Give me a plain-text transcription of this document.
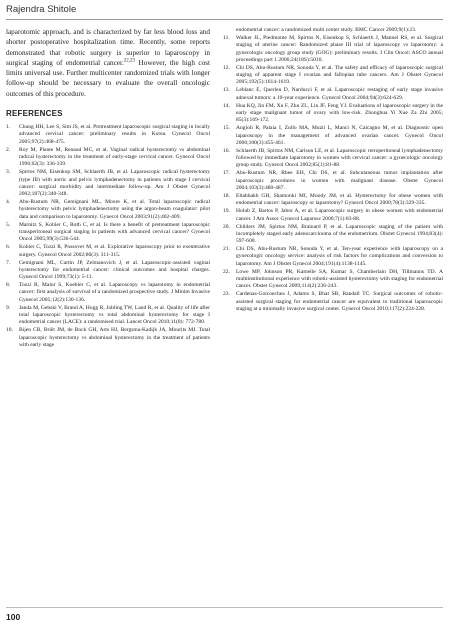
Rajendra Shitole

laparotomic approach, and is characterized by far less blood loss and shorter postoperative hospitalization time. Recently, some reports demonstrated that robotic surgery is superior to laparoscopy in surgical staging of endometrial cancer.$^{22,23}$ However, the high cost limits universal use. Further multicenter randomized trials with longer follow-up should be necessary to evaluate the overall oncologic outcomes of this procedure.

REFERENCES
1. Chung HH, Lee S, Sim JS, et al. Pretreatment laparoscopic surgical staging in locally advanced cervical cancer: preliminary results in Korea. Gynecol Oncol 2005;97(2):468-475.
2. Roy M, Plante M, Renaud MC, et al. Vaginal radical hysterectomy vs abdominal radical hysterectomy in the treatment of early-stage cervical cancer. Gynecol Oncol 1996;62(3): 336-339.
3. Spirtos NM, Eisenkop SM, Schlaerth JB, et al. Laparoscopic radical hysterectomy (type III) with aortic and pelvic lymphadenectomy in patients with stage I cervical cancer: surgical morbidity and intermediate follow-up. Am J Obstet Gynecol 2002;187(2):340-348.
4. Abu-Rustum NR, Gemignani ML, Moore K, et al. Total laparoscopic radical hysterectomy with pelvic lymphadenectomy using the argon-beam coagulator: pilot data and comparison to laparotomy. Gynecol Oncol 2003;91(2):402-409.
5. Marnitz S, Kohler C, Roth C, et al. Is there a benefit of pretreatment laparoscopic transperitoneal surgical staging in patients with advanced cervical cancer? Gynecol Oncol 2005;99(3):536-544.
6. Kohler C, Tozzi R, Possover M, et al. Explorative laparoscopy prior to exenterative surgery. Gynecol Oncol 2002;86(3): 311-315.
7. Gemignani ML, Curtin JP, Zelmanovich J, et al. Laparoscopic-assisted vaginal hysterectomy for endometrial cancer: clinical outcomes and hospital charges. Gynecol Oncol 1999;73(1): 5-11.
8. Tozzi R, Malur S, Koehler C, et al. Laparoscopy vs laparotomy in endometrial cancer: first analysis of survival of a randomized prospective study. J Minim Invasive Gynecol 2005;12(2):130-136.
9. Janda M, Gebski V, Brand A, Hogg R, Jobling TW, Land R, et al. Quality of life after total laparoscopic hysterectomy vs total abdominal hysterectomy for stage I endometrial cancer (LACE): a randomised trial. Lancet Oncol 2010;11(8): 772-780.
10. Bijen CB, Briët JM, de Bock GH, Arts HJ, Bergsma-Kadijk JA, Mourits MJ. Total laparoscopic hysterectomy vs abdominal hysterectomy in the treatment of patients with early stage
endometrial cancer: a randomized multi center study. BMC Cancer 2009;9(1):23.
11. Walker JL, Piedmonte M, Spirtos N, Eisenkop S, Schlaerth J, Mannel RS, et al. Surgical staging of uterine cancer: Randomized phase III trial of laparoscopy vs laparotomy: a gynecologic oncology group study (GOG): preliminary results. J Clin Oncol: ASCO annual proceedings part 1 2006;24(18S):5010.
12. Chi DS, Abu-Rustum NR, Sonoda Y, et al. The safety and efficacy of laparoscopic surgical staging of apparent stage I ovarian and fallopian tube cancers. Am J Obstet Gynecol 2005;192(5):1614-1619.
13. Leblanc E, Querleu D, Narducci F, et al. Laparoscopic restaging of early stage invasive adnexal tumors: a 10-year experience. Gynecol Oncol 2004;94(3):624-629.
14. Hua KQ, Jin FM, Xu F, Zhu ZL, Lin JF, Feng YJ. Evaluations of laparoscopic surgery in the early stage malignant tumor of ovary with low-risk. Zhonghua Yi Xue Za Zhi 2005; 85(3):169-172.
15. Angioli R, Palaia I, Zullo MA, Muzii L, Manci N, Calcagno M, et al. Diagnostic open laparoscopy in the management of advanced ovarian cancer. Gynecol Oncol 2006;100(3):455-461.
16. Schlaerth JB, Spirtos NM, Carlson LE, et al. Laparoscopic retroperitoneal lymphadenectomy followed by immediate laparotomy in women with cervical cancer: a gynecologic oncology group study. Gynecol Oncol 2002;85(1):81-88.
17. Abu-Rustum NR, Rhee EH, Chi DS, et al. Subcutaneous tumor implantation after laparoscopic procedures in women with malignant disease. Obstet Gynecol 2004;103(3):480-487.
18. Eltabbakh GH, Shamonki MI, Moody JM, et al. Hysterectomy for obese women with endometrial cancer: laparoscopy or laparotomy? Gynecol Oncol 2000;78(3):329-335.
19. Holub Z, Bartos P, Jabor A, et al. Laparoscopic surgery in obese women with endometrial cancer. J Am Assoc Gynecol Laparosc 2000;7(1):83-88.
20. Childers JM, Spirtos NM, Brainard P, et al. Laparoscopic staging of the patient with incompletely staged early adenocarcinoma of the endometrium. Obstet Gynecol 1994;83(4): 597-600.
21. Chi DS, Abu-Rustum NR, Sonoda Y, et al. Ten-year experience with laparoscopy on a gynecologic oncology service: analysis of risk factors for complications and conversion to laparotomy. Am J Obstet Gynecol 2004;191(4):1138-1145.
22. Lowe MP, Johnson PR, Kamelle SA, Kumar S, Chamberlain DH, Tillmanns TD. A multiinstitutional experience with robotic-assisted hysterectomy with staging for endometrial cancer. Obstet Gynecol 2009;114(2):236-243.
23. Cardenas-Goicoechea J, Adams S, Bhat SB, Randall TC. Surgical outcomes of robotic-assisted surgical staging for endometrial cancer are equivalent to traditional laparoscopic staging at a minimally invasive surgical center. Gynecol Oncol 2010;117(2):224-228.
100
